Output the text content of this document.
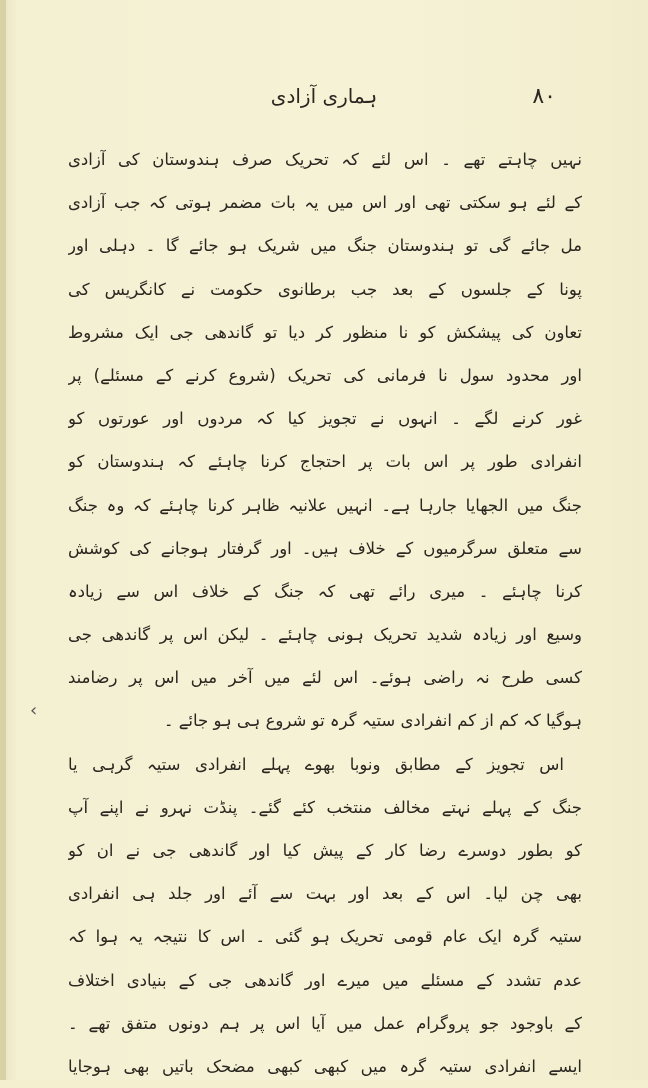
ہماری آزادی	۸۰
‹
نہیں چاہتے تھے ۔ اس لئے کہ تحریک صرف ہندوستان کی آزادی
کے لئے ہو سکتی تھی اور اس میں یہ بات مضمر ہوتی کہ جب آزادی
مل جائے گی تو ہندوستان جنگ میں شریک ہو جائے گا ۔ دہلی اور
پونا کے جلسوں کے بعد جب برطانوی حکومت نے کانگریس کی
تعاون کی پیشکش کو نا منظور کر دیا تو گاندھی جی ایک مشروط
اور محدود سول نا فرمانی کی تحریک (شروع کرنے کے مسئلے) پر
غور کرنے لگے ۔ انہوں نے تجویز کیا کہ مردوں اور عورتوں کو
انفرادی طور پر اس بات پر احتجاج کرنا چاہئے کہ ہندوستان کو
جنگ میں الجھایا جارہا ہے۔ انہیں علانیہ ظاہر کرنا چاہئے کہ وہ جنگ
سے متعلق سرگرمیوں کے خلاف ہیں۔ اور گرفتار ہوجانے کی کوشش
کرنا چاہئے ۔ میری رائے تھی کہ جنگ کے خلاف اس سے زیادہ
وسیع اور زیادہ شدید تحریک ہونی چاہئے ۔ لیکن اس پر گاندھی جی
کسی طرح نہ راضی ہوئے۔ اس لئے میں آخر میں اس پر رضامند
ہوگیا کہ کم از کم انفرادی ستیہ گرہ تو شروع ہی ہو جائے ۔
اس تجویز کے مطابق ونوبا بھوے پہلے انفرادی ستیہ گرہی یا
جنگ کے پہلے نہتے مخالف منتخب کئے گئے۔ پنڈت نہرو نے اپنے آپ
کو بطور دوسرے رضا کار کے پیش کیا اور گاندھی جی نے ان کو
بھی چن لیا۔ اس کے بعد اور بہت سے آئے اور جلد ہی انفرادی
ستیہ گرہ ایک عام قومی تحریک ہو گئی ۔ اس کا نتیجہ یہ ہوا کہ
عدم تشدد کے مسئلے میں میرے اور گاندھی جی کے بنیادی اختلاف
کے باوجود جو پروگرام عمل میں آیا اس پر ہم دونوں متفق تھے ۔
ایسے انفرادی ستیہ گرہ میں کبھی کبھی مضحک باتیں بھی ہوجایا
